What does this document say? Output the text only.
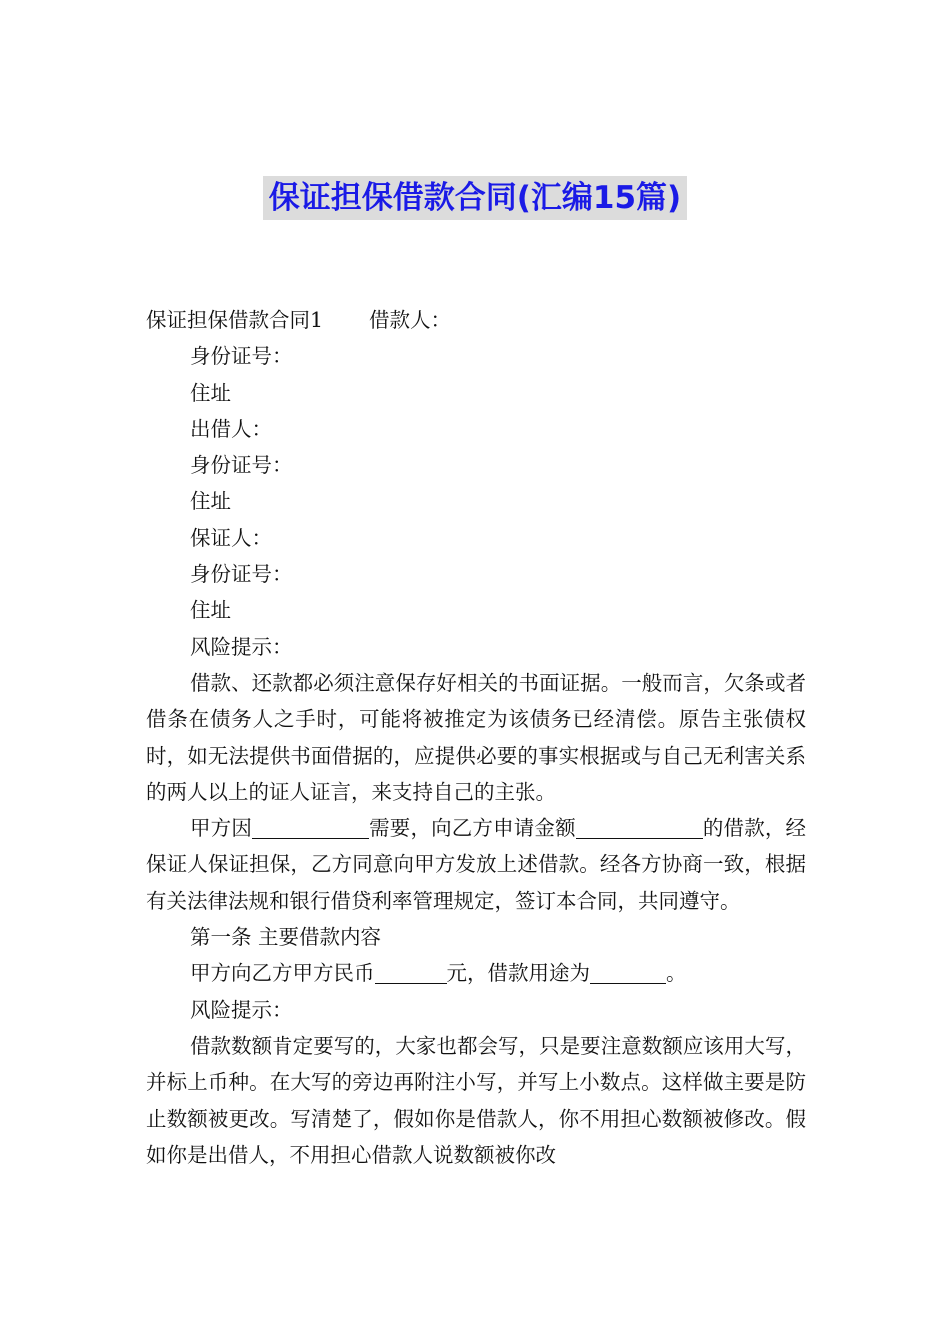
保证担保借款合同(汇编15篇)
保证担保借款合同1 借款人：
身份证号：
住址
出借人：
身份证号：
住址
保证人：
身份证号：
住址
风险提示：
借款、还款都必须注意保存好相关的书面证据。一般而言，欠条或者借条在债务人之手时，可能将被推定为该债务已经清偿。原告主张债权时，如无法提供书面借据的，应提供必要的事实根据或与自己无利害关系的两人以上的证人证言，来支持自己的主张。
甲方因	需要，向乙方申请金额	的借款，经保证人保证担保，乙方同意向甲方发放上述借款。经各方协商一致，根据有关法律法规和银行借贷利率管理规定，签订本合同，共同遵守。
第一条 主要借款内容
甲方向乙方甲方民币	元，借款用途为	。
风险提示：
借款数额肯定要写的，大家也都会写，只是要注意数额应该用大写，并标上币种。在大写的旁边再附注小写，并写上小数点。这样做主要是防止数额被更改。写清楚了，假如你是借款人，你不用担心数额被修改。假如你是出借人，不用担心借款人说数额被你改
